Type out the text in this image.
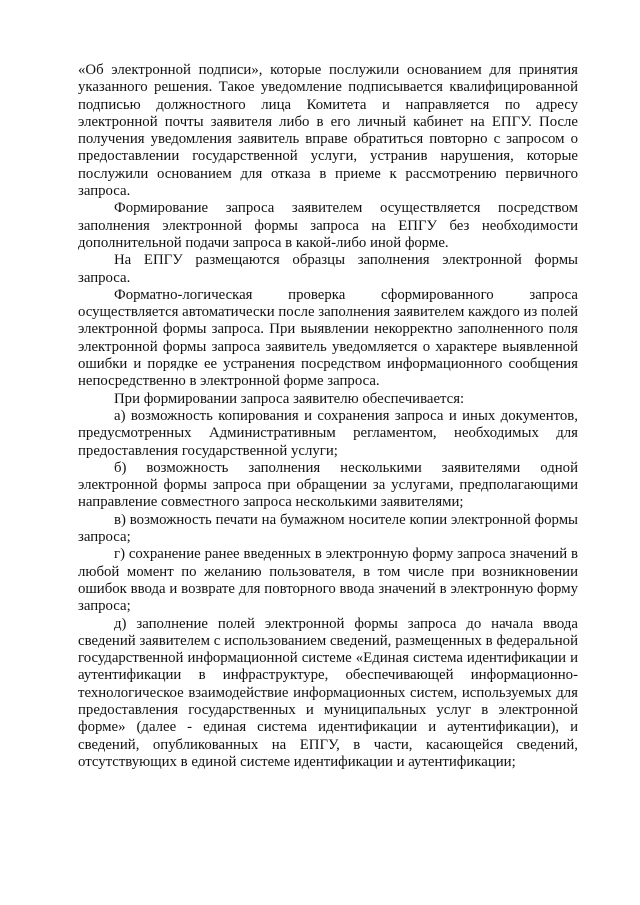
«Об электронной подписи», которые послужили основанием для принятия указанного решения. Такое уведомление подписывается квалифицированной подписью должностного лица Комитета и направляется по адресу электронной почты заявителя либо в его личный кабинет на ЕПГУ. После получения уведомления заявитель вправе обратиться повторно с запросом о предоставлении государственной услуги, устранив нарушения, которые послужили основанием для отказа в приеме к рассмотрению первичного запроса.

Формирование запроса заявителем осуществляется посредством заполнения электронной формы запроса на ЕПГУ без необходимости дополнительной подачи запроса в какой-либо иной форме.

На ЕПГУ размещаются образцы заполнения электронной формы запроса.

Форматно-логическая проверка сформированного запроса осуществляется автоматически после заполнения заявителем каждого из полей электронной формы запроса. При выявлении некорректно заполненного поля электронной формы запроса заявитель уведомляется о характере выявленной ошибки и порядке ее устранения посредством информационного сообщения непосредственно в электронной форме запроса.

При формировании запроса заявителю обеспечивается:

а) возможность копирования и сохранения запроса и иных документов, предусмотренных Административным регламентом, необходимых для предоставления государственной услуги;

б) возможность заполнения несколькими заявителями одной электронной формы запроса при обращении за услугами, предполагающими направление совместного запроса несколькими заявителями;

в) возможность печати на бумажном носителе копии электронной формы запроса;

г) сохранение ранее введенных в электронную форму запроса значений в любой момент по желанию пользователя, в том числе при возникновении ошибок ввода и возврате для повторного ввода значений в электронную форму запроса;

д) заполнение полей электронной формы запроса до начала ввода сведений заявителем с использованием сведений, размещенных в федеральной государственной информационной системе «Единая система идентификации и аутентификации в инфраструктуре, обеспечивающей информационно-технологическое взаимодействие информационных систем, используемых для предоставления государственных и муниципальных услуг в электронной форме» (далее - единая система идентификации и аутентификации), и сведений, опубликованных на ЕПГУ, в части, касающейся сведений, отсутствующих в единой системе идентификации и аутентификации;
